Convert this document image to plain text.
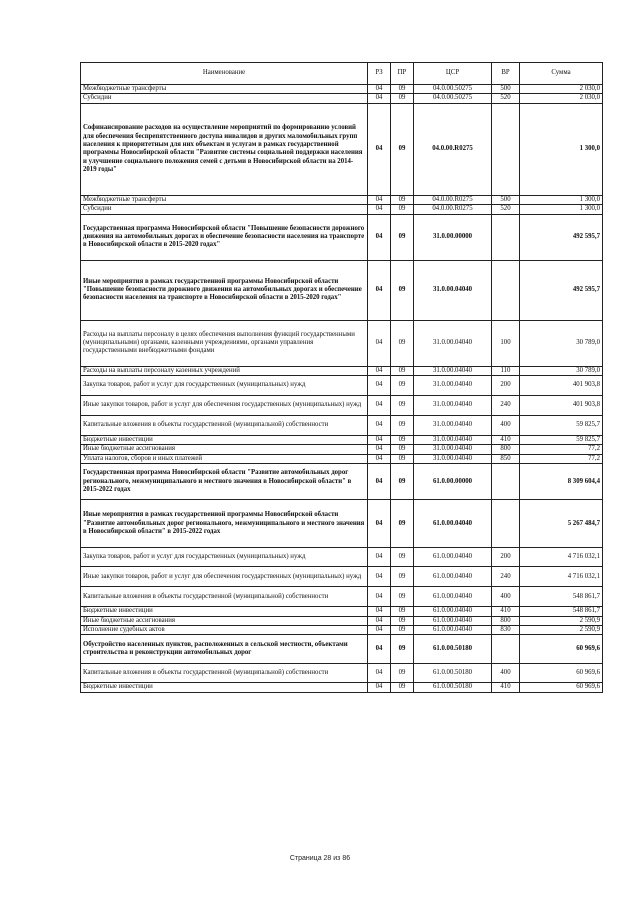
Наименование	РЗ	ПР	ЦСР	ВР	Сумма
Межбюджетные трансферты	04	09	04.0.00.50275	500	2 030,0
Субсидии	04	09	04.0.00.50275	520	2 030,0
Софинансирование расходов на осуществление мероприятий по формированию условий для обеспечения беспрепятственного доступа инвалидов и других маломобильных групп населения к приоритетным для них объектам и услугам в рамках государственной программы Новосибирской области "Развитие системы социальной поддержки населения и улучшение социального положения семей с детьми в Новосибирской области на 2014-2019 годы"	04	09	04.0.00.R0275		1 300,0
Межбюджетные трансферты	04	09	04.0.00.R0275	500	1 300,0
Субсидии	04	09	04.0.00.R0275	520	1 300,0
Государственная программа Новосибирской области "Повышение безопасности дорожного движения на автомобильных дорогах и обеспечение безопасности населения на транспорте в Новосибирской области в 2015-2020 годах"	04	09	31.0.00.00000		492 595,7
Иные мероприятия в рамках государственной программы Новосибирской области "Повышение безопасности дорожного движения на автомобильных дорогах и обеспечение безопасности населения на транспорте в Новосибирской области в 2015-2020 годах"	04	09	31.0.00.04040		492 595,7
Расходы на выплаты персоналу в целях обеспечения выполнения функций государственными (муниципальными) органами, казенными учреждениями, органами управления государственными внебюджетными фондами	04	09	31.0.00.04040	100	30 789,0
Расходы на выплаты персоналу казенных учреждений	04	09	31.0.00.04040	110	30 789,0
Закупка товаров, работ и услуг для государственных (муниципальных) нужд	04	09	31.0.00.04040	200	401 903,8
Иные закупки товаров, работ и услуг для обеспечения государственных (муниципальных) нужд	04	09	31.0.00.04040	240	401 903,8
Капитальные вложения в объекты государственной (муниципальной) собственности	04	09	31.0.00.04040	400	59 825,7
Бюджетные инвестиции	04	09	31.0.00.04040	410	59 825,7
Иные бюджетные ассигнования	04	09	31.0.00.04040	800	77,2
Уплата налогов, сборов и иных платежей	04	09	31.0.00.04040	850	77,2
Государственная программа Новосибирской области "Развитие автомобильных дорог регионального, межмуниципального и местного значения в Новосибирской области" в 2015-2022 годах	04	09	61.0.00.00000		8 309 604,4
Иные мероприятия в рамках государственной программы Новосибирской области "Развитие автомобильных дорог регионального, межмуниципального и местного значения в Новосибирской области" в 2015-2022 годах	04	09	61.0.00.04040		5 267 484,7
Закупка товаров, работ и услуг для государственных (муниципальных) нужд	04	09	61.0.00.04040	200	4 716 032,1
Иные закупки товаров, работ и услуг для обеспечения государственных (муниципальных) нужд	04	09	61.0.00.04040	240	4 716 032,1
Капитальные вложения в объекты государственной (муниципальной) собственности	04	09	61.0.00.04040	400	548 861,7
Бюджетные инвестиции	04	09	61.0.00.04040	410	548 861,7
Иные бюджетные ассигнования	04	09	61.0.00.04040	800	2 590,9
Исполнение судебных актов	04	09	61.0.00.04040	830	2 590,9
Обустройство населенных пунктов, расположенных в сельской местности, объектами строительства и реконструкции автомобильных дорог	04	09	61.0.00.50180		60 969,6
Капитальные вложения в объекты государственной (муниципальной) собственности	04	09	61.0.00.50180	400	60 969,6
Бюджетные инвестиции	04	09	61.0.00.50180	410	60 969,6
Страница 28 из 86
